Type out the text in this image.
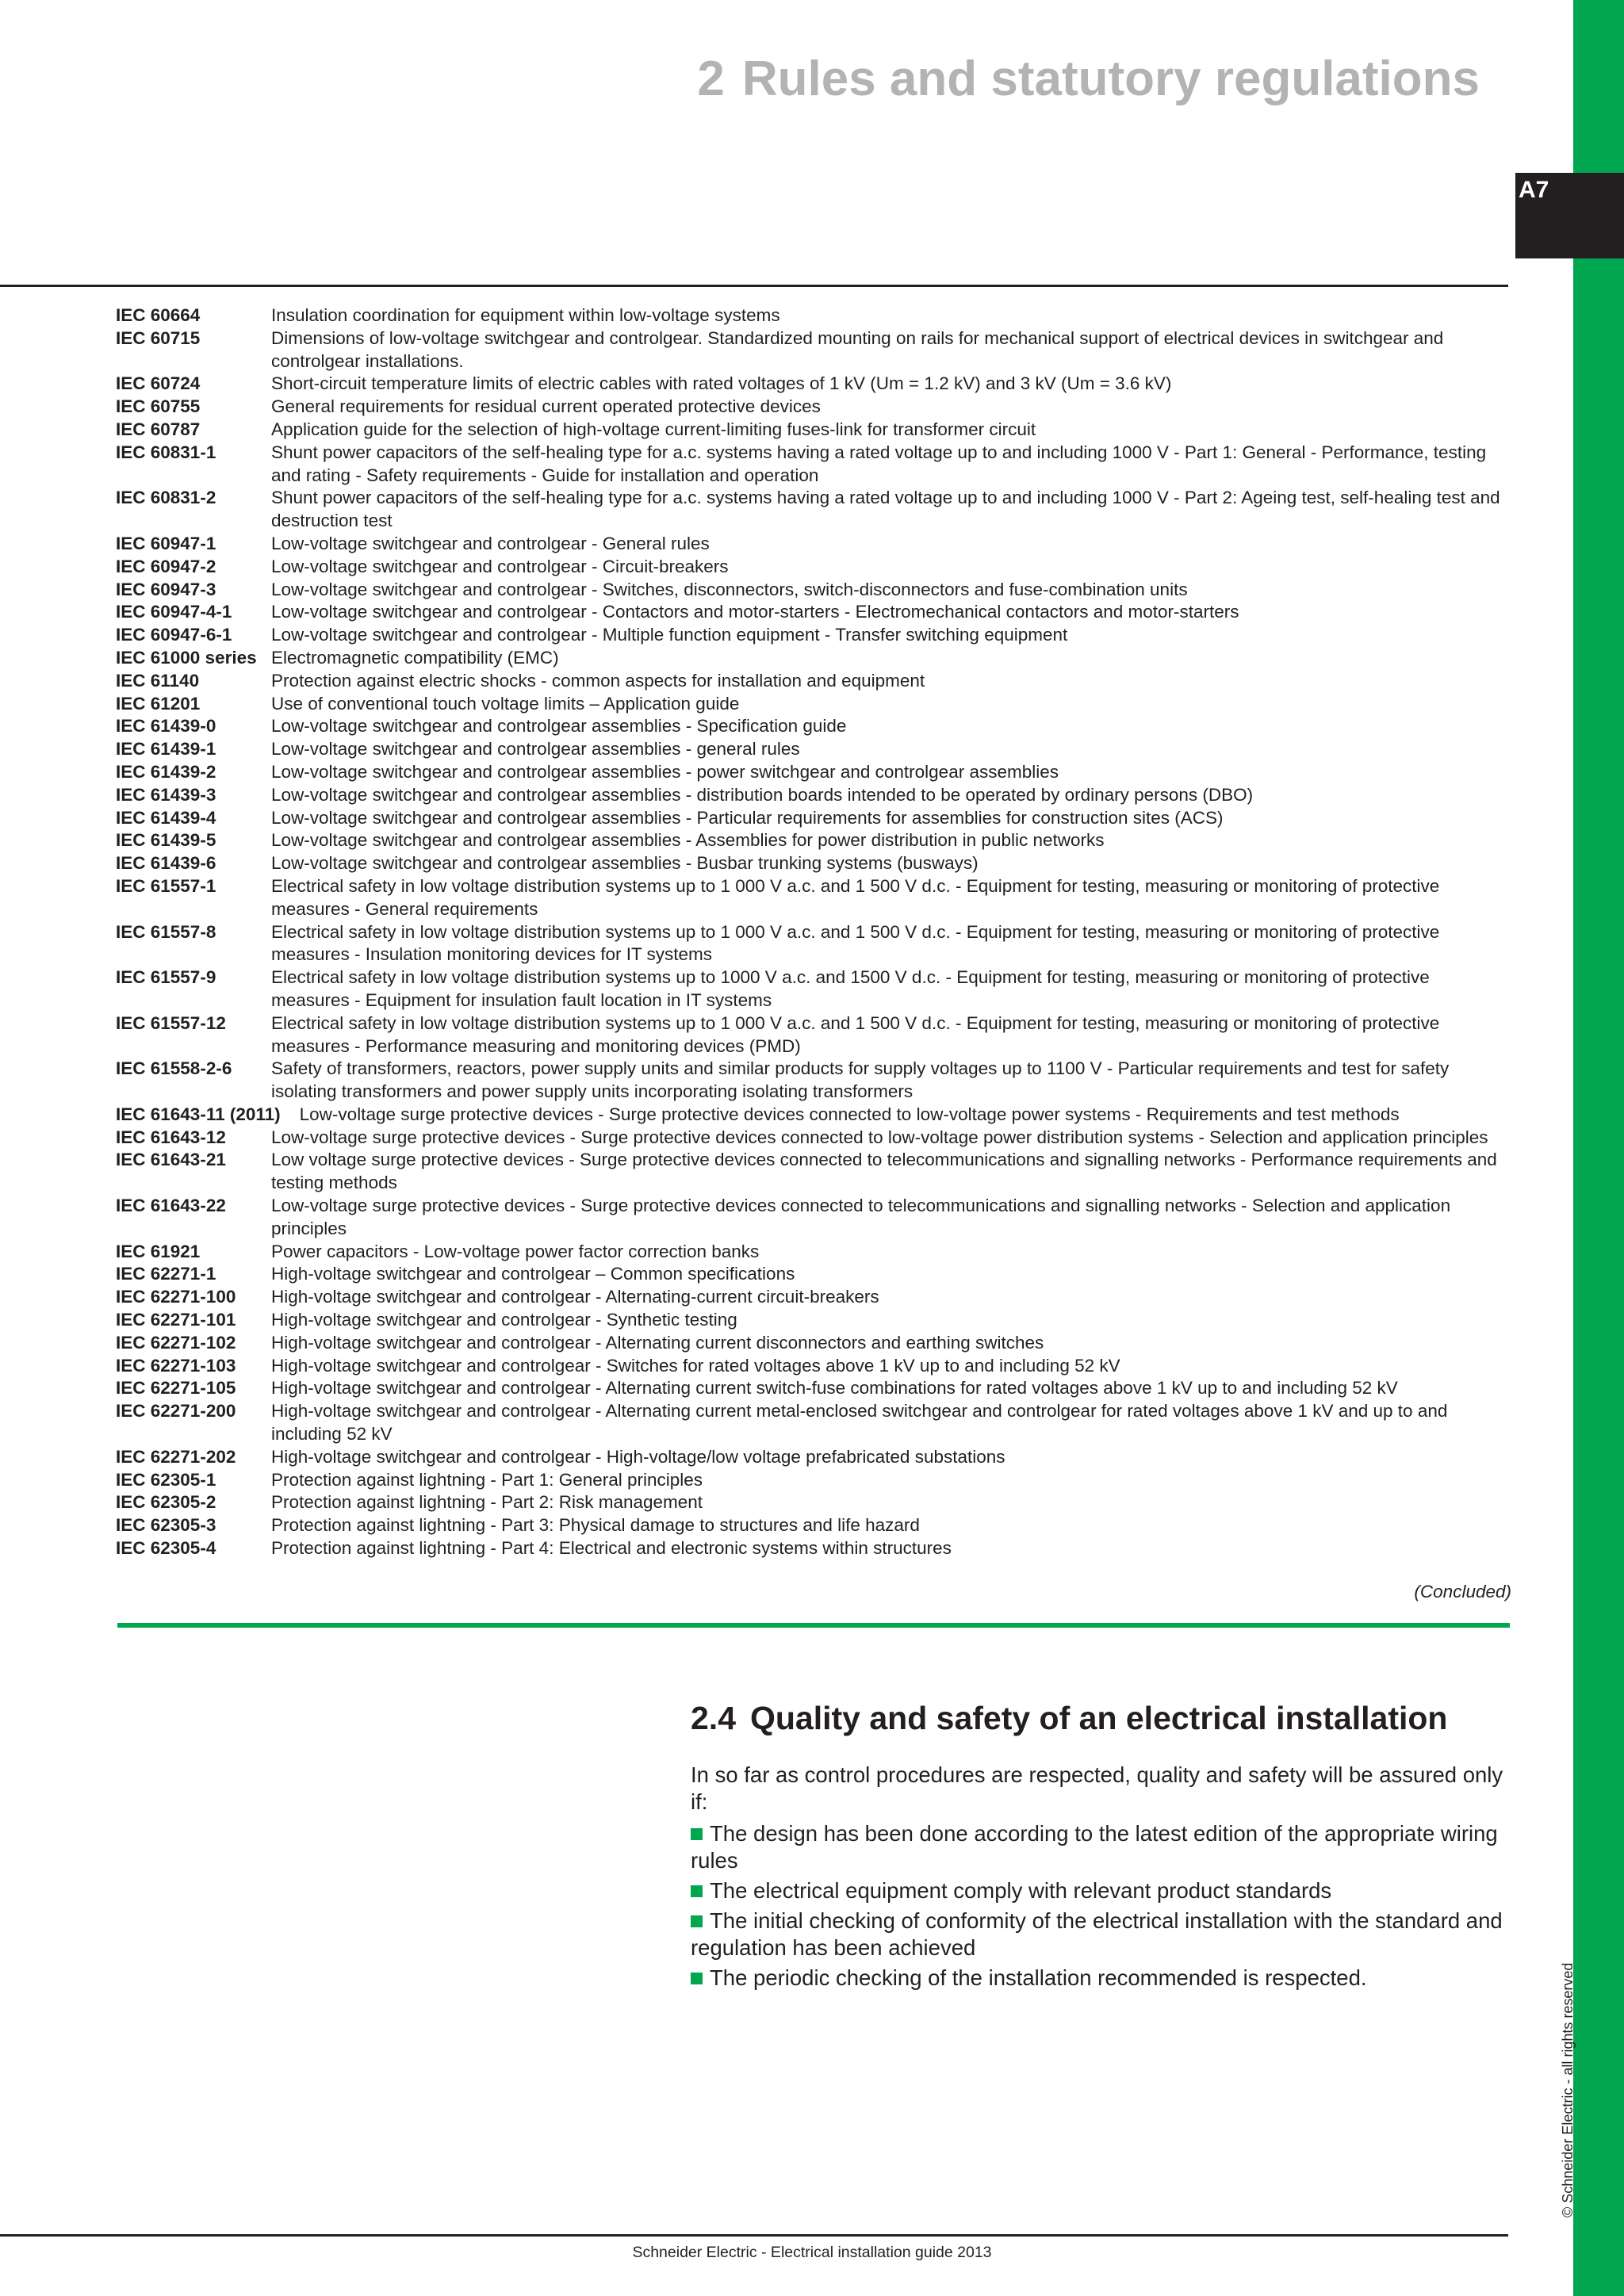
A7
2 Rules and statutory regulations
IEC 60664	Insulation coordination for equipment within low-voltage systems
IEC 60715	Dimensions of low-voltage switchgear and controlgear. Standardized mounting on rails for mechanical support of electrical devices in switchgear and controlgear installations.
IEC 60724	Short-circuit temperature limits of electric cables with rated voltages of 1 kV (Um = 1.2 kV) and 3 kV (Um = 3.6 kV)
IEC 60755	General requirements for residual current operated protective devices
IEC 60787	Application guide for the selection of high-voltage current-limiting fuses-link for transformer circuit
IEC 60831-1	Shunt power capacitors of the self-healing type for a.c. systems having a rated voltage up to and including 1000 V - Part 1: General - Performance, testing and rating - Safety requirements - Guide for installation and operation
IEC 60831-2	Shunt power capacitors of the self-healing type for a.c. systems having a rated voltage up to and including 1000 V - Part 2: Ageing test, self-healing test and destruction test
IEC 60947-1	Low-voltage switchgear and controlgear - General rules
IEC 60947-2	Low-voltage switchgear and controlgear - Circuit-breakers
IEC 60947-3	Low-voltage switchgear and controlgear - Switches, disconnectors, switch-disconnectors and fuse-combination units
IEC 60947-4-1	Low-voltage switchgear and controlgear - Contactors and motor-starters - Electromechanical contactors and motor-starters
IEC 60947-6-1	Low-voltage switchgear and controlgear - Multiple function equipment - Transfer switching equipment
IEC 61000 series Electromagnetic compatibility (EMC)
IEC 61140	Protection against electric shocks - common aspects for installation and equipment
IEC 61201	Use of conventional touch voltage limits – Application guide
IEC 61439-0	Low-voltage switchgear and controlgear assemblies - Specification guide
IEC 61439-1	Low-voltage switchgear and controlgear assemblies - general rules
IEC 61439-2	Low-voltage switchgear and controlgear assemblies - power switchgear and controlgear assemblies
IEC 61439-3	Low-voltage switchgear and controlgear assemblies - distribution boards intended to be operated by ordinary persons (DBO)
IEC 61439-4	Low-voltage switchgear and controlgear assemblies - Particular requirements for assemblies for construction sites (ACS)
IEC 61439-5	Low-voltage switchgear and controlgear assemblies - Assemblies for power distribution in public networks
IEC 61439-6	Low-voltage switchgear and controlgear assemblies - Busbar trunking systems (busways)
IEC 61557-1	Electrical safety in low voltage distribution systems up to 1 000 V a.c. and 1 500 V d.c. - Equipment for testing, measuring or monitoring of protective measures - General requirements
IEC 61557-8	Electrical safety in low voltage distribution systems up to 1 000 V a.c. and 1 500 V d.c. - Equipment for testing, measuring or monitoring of protective measures - Insulation monitoring devices for IT systems
IEC 61557-9	Electrical safety in low voltage distribution systems up to 1000 V a.c. and 1500 V d.c. - Equipment for testing, measuring or monitoring of protective measures - Equipment for insulation fault location in IT systems
IEC 61557-12	Electrical safety in low voltage distribution systems up to 1 000 V a.c. and 1 500 V d.c. - Equipment for testing, measuring or monitoring of protective measures - Performance measuring and monitoring devices (PMD)
IEC 61558-2-6	Safety of transformers, reactors, power supply units and similar products for supply voltages up to 1100 V - Particular requirements and test for safety isolating transformers and power supply units incorporating isolating transformers
IEC 61643-11 (2011) Low-voltage surge protective devices - Surge protective devices connected to low-voltage power systems - Requirements and test methods
IEC 61643-12	Low-voltage surge protective devices - Surge protective devices connected to low-voltage power distribution systems - Selection and application principles
IEC 61643-21	Low voltage surge protective devices - Surge protective devices connected to telecommunications and signalling networks - Performance requirements and testing methods
IEC 61643-22	Low-voltage surge protective devices - Surge protective devices connected to telecommunications and signalling networks - Selection and application principles
IEC 61921	Power capacitors - Low-voltage power factor correction banks
IEC 62271-1	High-voltage switchgear and controlgear – Common specifications
IEC 62271-100	High-voltage switchgear and controlgear - Alternating-current circuit-breakers
IEC 62271-101	High-voltage switchgear and controlgear - Synthetic testing
IEC 62271-102	High-voltage switchgear and controlgear - Alternating current disconnectors and earthing switches
IEC 62271-103	High-voltage switchgear and controlgear - Switches for rated voltages above 1 kV up to and including 52 kV
IEC 62271-105	High-voltage switchgear and controlgear - Alternating current switch-fuse combinations for rated voltages above 1 kV up to and including 52 kV
IEC 62271-200	High-voltage switchgear and controlgear - Alternating current metal-enclosed switchgear and controlgear for rated voltages above 1 kV and up to and including 52 kV
IEC 62271-202	High-voltage switchgear and controlgear - High-voltage/low voltage prefabricated substations
IEC 62305-1	Protection against lightning - Part 1: General principles
IEC 62305-2	Protection against lightning - Part 2: Risk management
IEC 62305-3	Protection against lightning - Part 3: Physical damage to structures and life hazard
IEC 62305-4	Protection against lightning - Part 4: Electrical and electronic systems within structures
(Concluded)
2.4 Quality and safety of an electrical installation

In so far as control procedures are respected, quality and safety will be assured only if:

The design has been done according to the latest edition of the appropriate wiring rules
The electrical equipment comply with relevant product standards
The initial checking of conformity of the electrical installation with the standard and regulation has been achieved
The periodic checking of the installation recommended is respected.	© Schneider Electric - all rights reserved
Schneider Electric - Electrical installation guide 2013
